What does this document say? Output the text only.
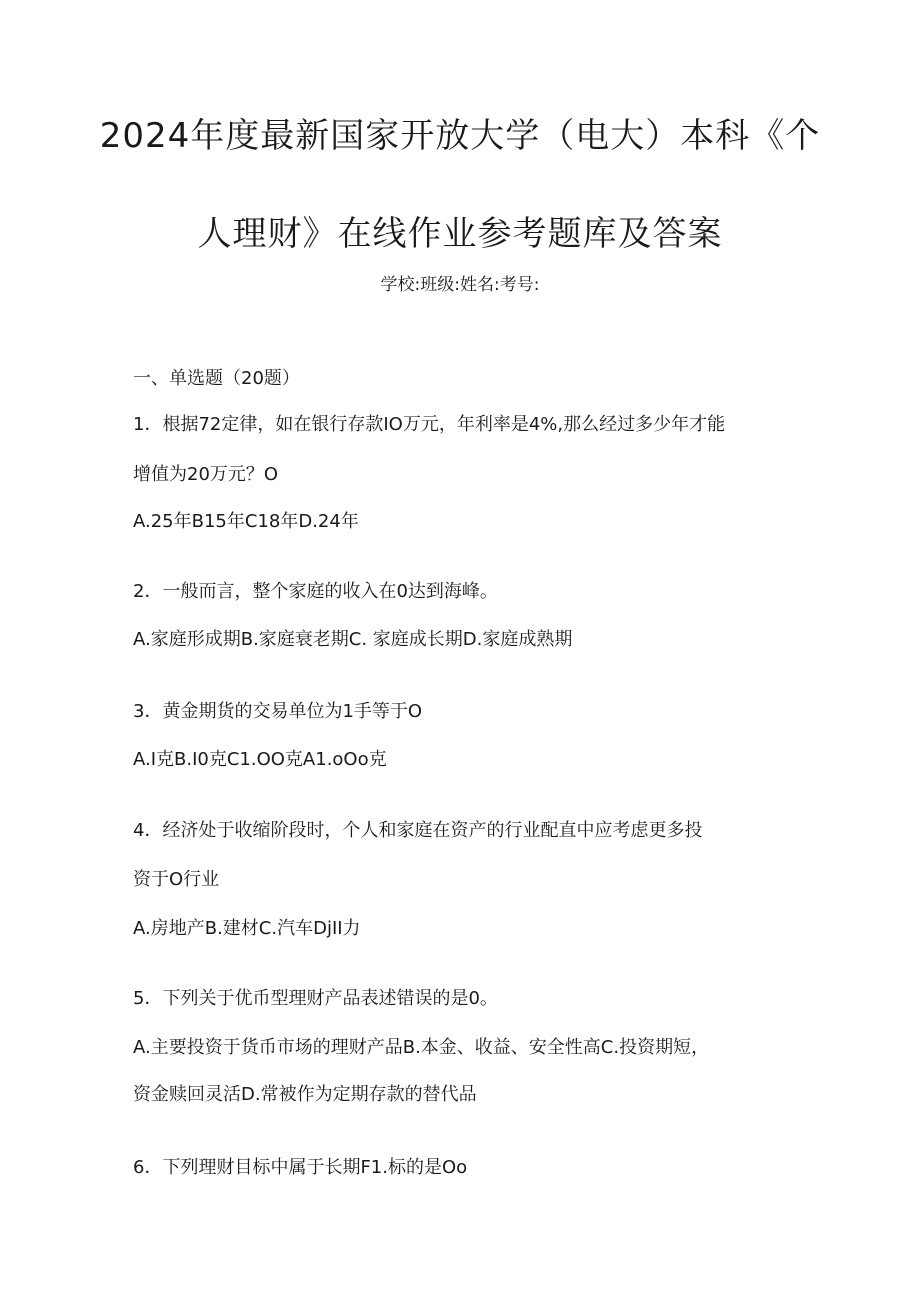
2024年度最新国家开放大学（电大）本科《个
人理财》在线作业参考题库及答案
学校:班级:姓名:考号:
一、单选题（20题）
1．根据72定律，如在银行存款IO万元，年利率是4%,那么经过多少年才能
增值为20万元？O
A.25年B15年C18年D.24年
2．一般而言，整个家庭的收入在0达到海峰。
A.家庭形成期B.家庭衰老期C. 家庭成长期D.家庭成熟期
3．黄金期货的交易单位为1手等于O
A.I克B.I0克C1.OO克A1.oOo克
4．经济处于收缩阶段时，个人和家庭在资产的行业配直中应考虑更多投
资于O行业
A.房地产B.建材C.汽车DjII力
5．下列关于优币型理财产品表述错误的是0。
A.主要投资于货币市场的理财产品B.本金、收益、安全性高C.投资期短，
资金赎回灵活D.常被作为定期存款的替代品
6．下列理财目标中属于长期F1.标的是Oo
